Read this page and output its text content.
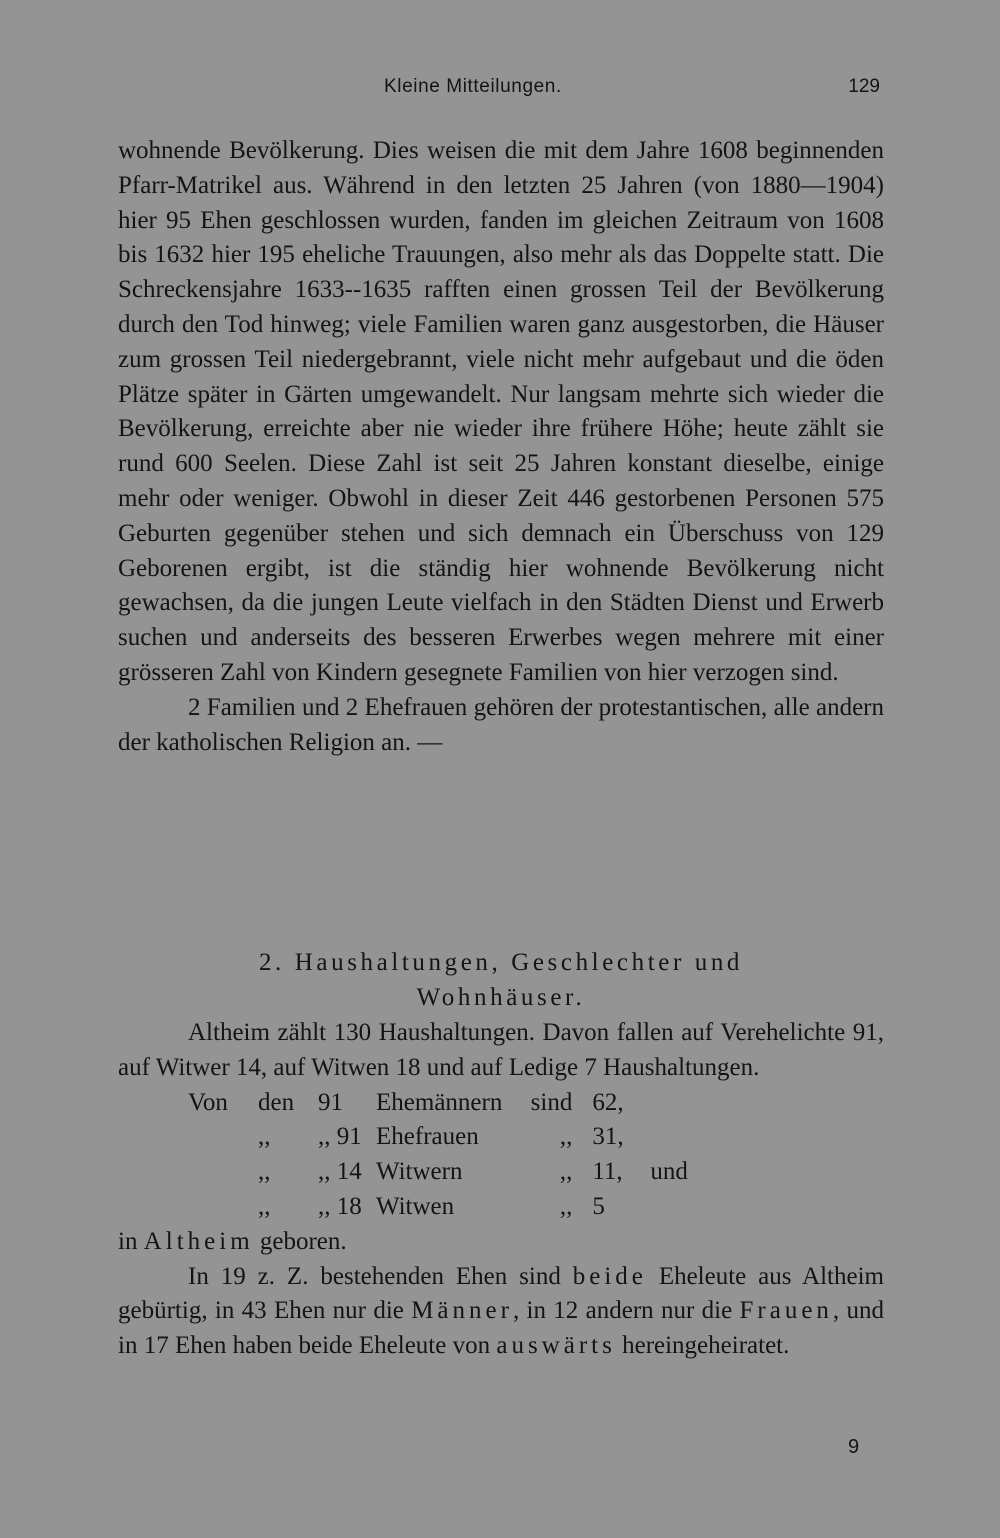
Kleine Mitteilungen.	129

wohnende Bevölkerung. Dies weisen die mit dem Jahre 1608 beginnenden Pfarr-Matrikel aus. Während in den letzten 25 Jahren (von 1880—1904) hier 95 Ehen geschlossen wurden, fanden im gleichen Zeitraum von 1608 bis 1632 hier 195 eheliche Trauungen, also mehr als das Doppelte statt. Die Schreckensjahre 1633--1635 rafften einen grossen Teil der Bevölkerung durch den Tod hinweg; viele Familien waren ganz ausgestorben, die Häuser zum grossen Teil niedergebrannt, viele nicht mehr aufgebaut und die öden Plätze später in Gärten umgewandelt. Nur langsam mehrte sich wieder die Bevölkerung, erreichte aber nie wieder ihre frühere Höhe; heute zählt sie rund 600 Seelen. Diese Zahl ist seit 25 Jahren konstant dieselbe, einige mehr oder weniger. Obwohl in dieser Zeit 446 gestorbenen Personen 575 Geburten gegenüber stehen und sich demnach ein Überschuss von 129 Geborenen ergibt, ist die ständig hier wohnende Bevölkerung nicht gewachsen, da die jungen Leute vielfach in den Städten Dienst und Erwerb suchen und anderseits des besseren Erwerbes wegen mehrere mit einer grösseren Zahl von Kindern gesegnete Familien von hier verzogen sind.

2 Familien und 2 Ehefrauen gehören der protestantischen, alle andern der katholischen Religion an. —

2. Haushaltungen, Geschlechter und
Wohnhäuser.

Altheim zählt 130 Haushaltungen. Davon fallen auf Verehelichte 91, auf Witwer 14, auf Witwen 18 und auf Ledige 7 Haushaltungen.

Von	den	91	Ehemännern	sind	62,	
	,,	,, 91	Ehefrauen	,,	31,	
	,,	,, 14	Witwern	,,	11,	und
	,,	,, 18	Witwen	,,	5	

in Altheim geboren.

In 19 z. Z. bestehenden Ehen sind beide Eheleute aus Altheim gebürtig, in 43 Ehen nur die Männer, in 12 andern nur die Frauen, und in 17 Ehen haben beide Eheleute von auswärts hereingeheiratet.

9
